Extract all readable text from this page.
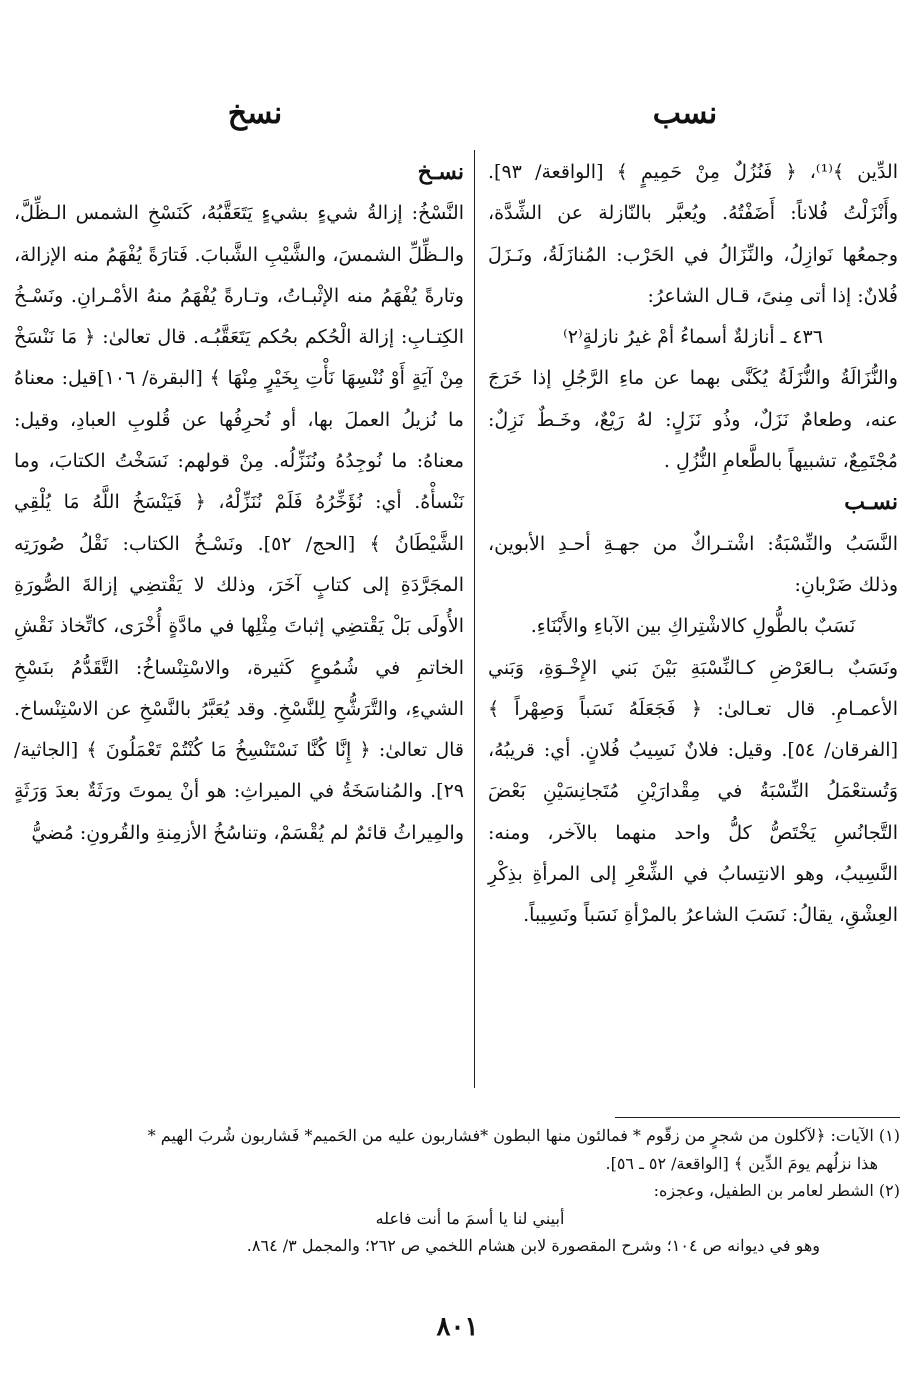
نسب
نسخ

الدِّين ﴾⁽¹⁾، ﴿ فَنُزُلٌ مِنْ حَمِيمٍ ﴾ [الواقعة/ ٩٣]. وأَنْزَلْتُ فُلاناً: أَضَفْتُهُ. ويُعبَّر بالنّازلة عن الشِّدَّة، وجمعُها نَوازِلُ، والنِّزَالُ في الحَرْب: المُنازَلَةُ، ونَـزَلَ فُلانٌ: إذا أتى مِنىً، قـال الشاعرُ:

٤٣٦ ـ أنازلةٌ أسماءُ أمْ غيرُ نازلةٍ⁽٢⁾

والنُّزَالَةُ والنُّزَلَةُ يُكَنَّى بهما عن ماءِ الرَّجُلِ إذا خَرَجَ عنه، وطعامٌ نَزَلٌ، وذُو نَزَلٍ: لهُ رَيْعٌ، وخَـطٌ نَزِلٌ: مُجْتَمِعٌ، تشبيهاً بالطَّعامِ النُّزُلِ .

نسـب

النَّسَبُ والنِّسْبَةُ: اشْتـراكٌ من جهـةِ أحـدِ الأبوين، وذلك ضَرْبانِ:

نَسَبٌ بالطُّولِ كالاشْتِراكِ بين الآباءِ والأَبْنَاءِ.

ونَسَبٌ بـالعَرْضِ كـالنِّسْبَةِ بَيْنَ بَني الإِخْـوَةِ، وَبَني الأعمـامِ. قال تعـالىٰ: ﴿ فَجَعَلَهُ نَسَباً وَصِهْراً ﴾ [الفرقان/ ٥٤]. وقيل: فلانٌ نَسِيبُ فُلانٍ. أي: قريبُهُ، وَتُستعْمَلُ النِّسْبَةُ في مِقْدارَيْنِ مُتَجانِسَيْنِ بَعْضَ التَّجانُسِ يَخْتَصُّ كلُّ واحد منهما بالآخر، ومنه: النَّسِيبُ، وهو الانتِسابُ في الشِّعْرِ إلى المرأةِ بذِكْرِ العِشْقِ، يقالُ: نَسَبَ الشاعرُ بالمرْأةِ نَسَباً ونَسِيباً.

نسـخ

النَّسْخُ: إزالةُ شيءٍ بشيءٍ يَتَعَقَّبُهُ، كَنَسْخِ الشمس الـظِّلَّ، والـظِّلِّ الشمسَ، والشَّيْبِ الشَّبابَ. فَتارَةً يُفْهَمُ منه الإزالة، وتارةً يُفْهَمُ منه الإثْبـاتُ، وتـارةً يُفْهَمُ منهُ الأمْـرانِ. ونَسْـخُ الكِتـابِ: إزالة الْحُكم بحُكم يَتَعَقَّبُـه. قال تعالىٰ: ﴿ مَا نَنْسَخْ مِنْ آيَةٍ أَوْ نُنْسِهَا نَأْتِ بِخَيْرٍ مِنْهَا ﴾ [البقرة/ ١٠٦]قيل: معناهُ ما نُزيلُ العملَ بها، أو نُحرِفُها عن قُلوبِ العبادِ، وقيل: معناهُ: ما نُوجِدُهُ ونُنَزِّلُه. مِنْ قولهم: نَسَخْتُ الكتابَ، وما نَنْسأْهُ. أي: نُؤَخِّرُهُ فَلَمْ نُنَزِّلْهُ، ﴿ فَيَنْسَخُ اللَّهُ مَا يُلْقِي الشَّيْطَانُ ﴾ [الحج/ ٥٢]. ونَسْـخُ الكتاب: نَقْلُ صُورَتِه المجَرَّدَةِ إلى كتابٍ آخَرَ، وذلك لا يَقْتضِي إزالةَ الصُّورَةِ الأُولَى بَلْ يَقْتضِي إثباتَ مِثْلِها في مادَّةٍ أُخْرَى، كاتِّخاذ نَقْشِ الخاتمِ في شُمُوعٍ كَثيرة، والاسْتِنْساخُ: التَّقَدُّمُ بنَسْخِ الشيءِ، والتَّرَشُّحِ لِلنَّسْخِ. وقد يُعَبَّرُ بالنَّسْخِ عن الاسْتِنْساخ. قال تعالىٰ: ﴿ إِنَّا كُنَّا نَسْتَنْسِخُ مَا كُنْتُمْ تَعْمَلُونَ ﴾ [الجاثية/ ٢٩]. والمُناسَخَةُ في الميراثِ: هو أنْ يموتَ ورَثَةٌ بعدَ وَرَثَةٍ والمِيراثُ قائمٌ لم يُقْسَمْ، وتناسُخُ الأزمِنةِ والقُرونِ: مُضيُّ

(١) الآيات: ﴿لآكلون من شجرٍ من زقّوم * فمالئون منها البطون *فشاربون عليه من الحَميم* فَشاربون شُربَ الهيم *

هذا نزلُهم يومَ الدِّين ﴾ [الواقعة/ ٥٢ ـ ٥٦].

(٢) الشطر لعامر بن الطفيل، وعجزه:

أبيني لنا يا أسمَ ما أنت فاعله

وهو في ديوانه ص ١٠٤؛ وشرح المقصورة لابن هشام اللخمي ص ٢٦٢؛ والمجمل ٣/ ٨٦٤.

٨٠١
